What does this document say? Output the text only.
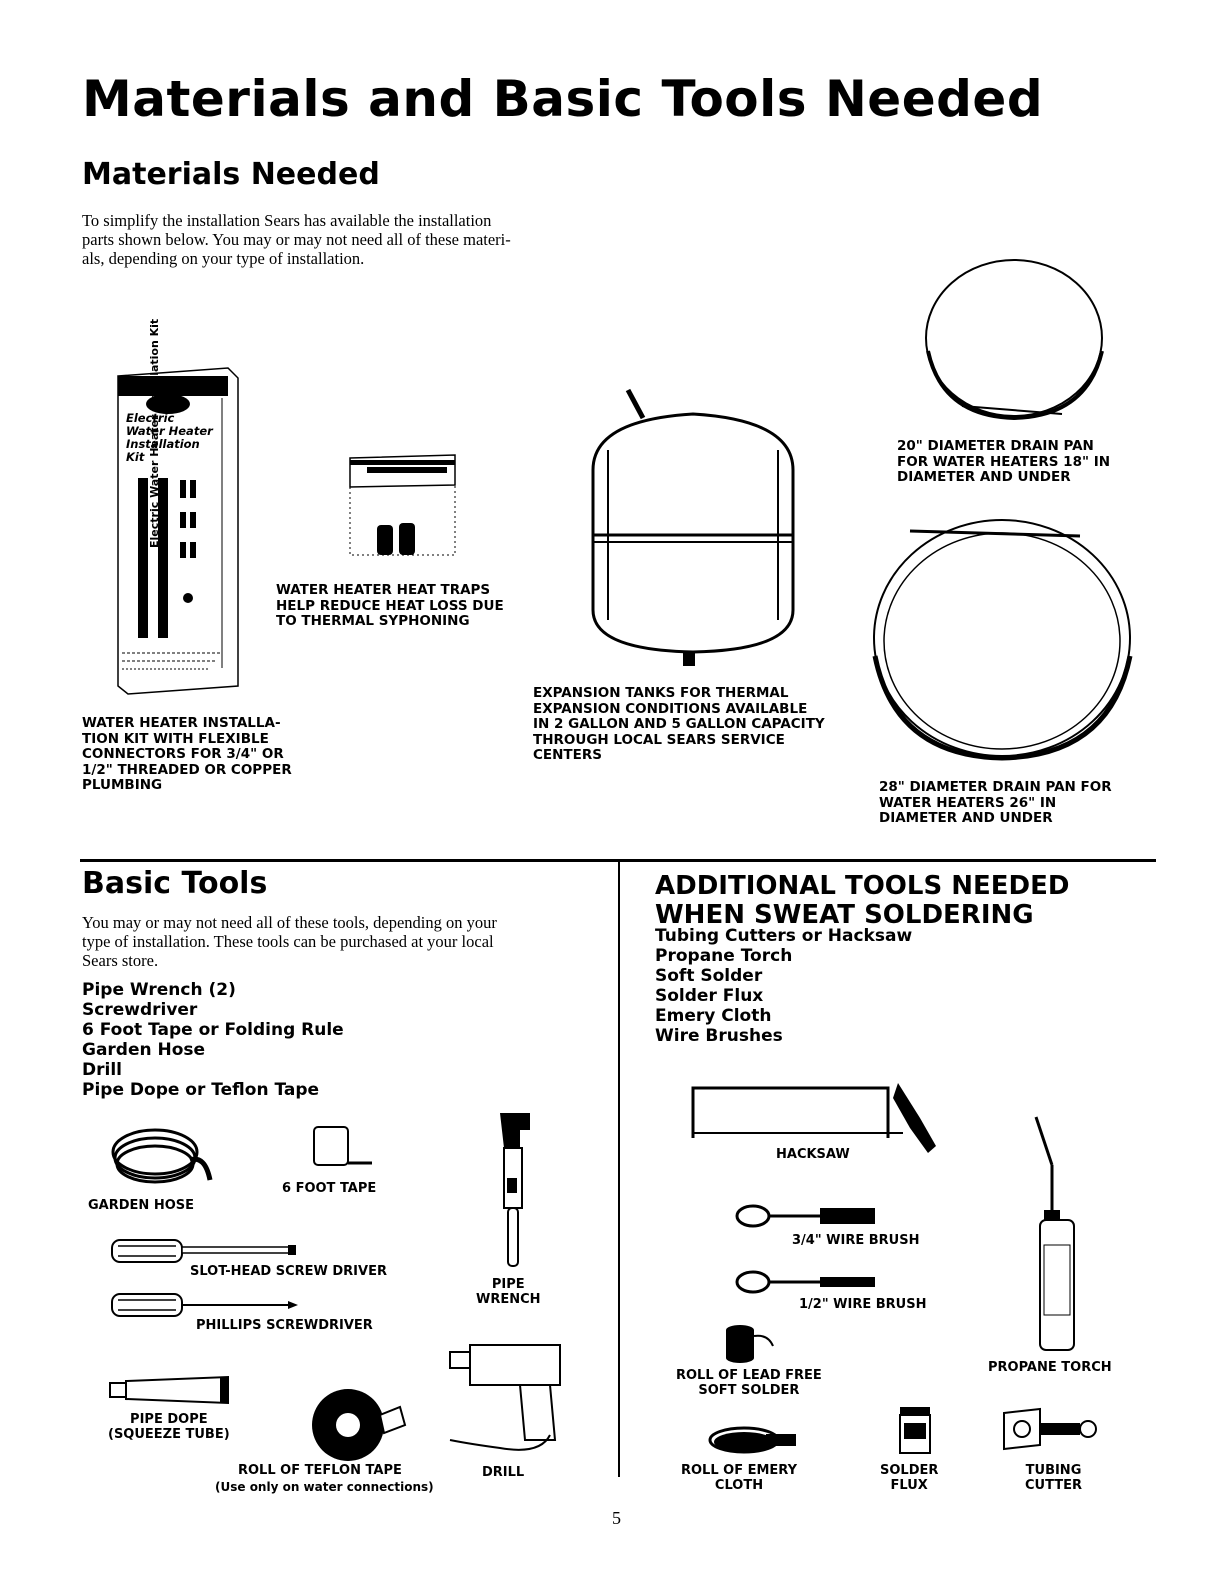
Materials and Basic Tools Needed
Materials Needed
To simplify the installation Sears has available the installation
parts shown below. You may or may not need all of these materi-
als, depending on your type of installation.
Electric
Water Heater
Installation
Kit Electric Water Heater Installation Kit
WATER HEATER INSTALLA-
TION KIT WITH FLEXIBLE
CONNECTORS FOR 3/4" OR
1/2" THREADED OR COPPER
PLUMBING
WATER HEATER HEAT TRAPS
HELP REDUCE HEAT LOSS DUE
TO THERMAL SYPHONING
EXPANSION TANKS FOR THERMAL
EXPANSION CONDITIONS AVAILABLE
IN 2 GALLON AND 5 GALLON CAPACITY
THROUGH LOCAL SEARS SERVICE
CENTERS
20" DIAMETER DRAIN PAN
FOR WATER HEATERS 18" IN
DIAMETER AND UNDER
28" DIAMETER DRAIN PAN FOR
WATER HEATERS 26" IN
DIAMETER AND UNDER
Basic Tools
You may or may not need all of these tools, depending on your
type of installation. These tools can be purchased at your local
Sears store.
Pipe Wrench (2)
Screwdriver
6 Foot Tape or Folding Rule
Garden Hose
Drill
Pipe Dope or Teflon Tape
GARDEN HOSE
6 FOOT TAPE
PIPE
WRENCH
SLOT-HEAD SCREW DRIVER
PHILLIPS SCREWDRIVER
PIPE DOPE
(SQUEEZE TUBE)
ROLL OF TEFLON TAPE
(Use only on water connections)
DRILL
ADDITIONAL TOOLS NEEDED
WHEN SWEAT SOLDERING
Tubing Cutters or Hacksaw
Propane Torch
Soft Solder
Solder Flux
Emery Cloth
Wire Brushes
HACKSAW
3/4" WIRE BRUSH
1/2" WIRE BRUSH
ROLL OF LEAD FREE
SOFT SOLDER
PROPANE TORCH
ROLL OF EMERY
CLOTH
SOLDER
FLUX
TUBING
CUTTER
5
